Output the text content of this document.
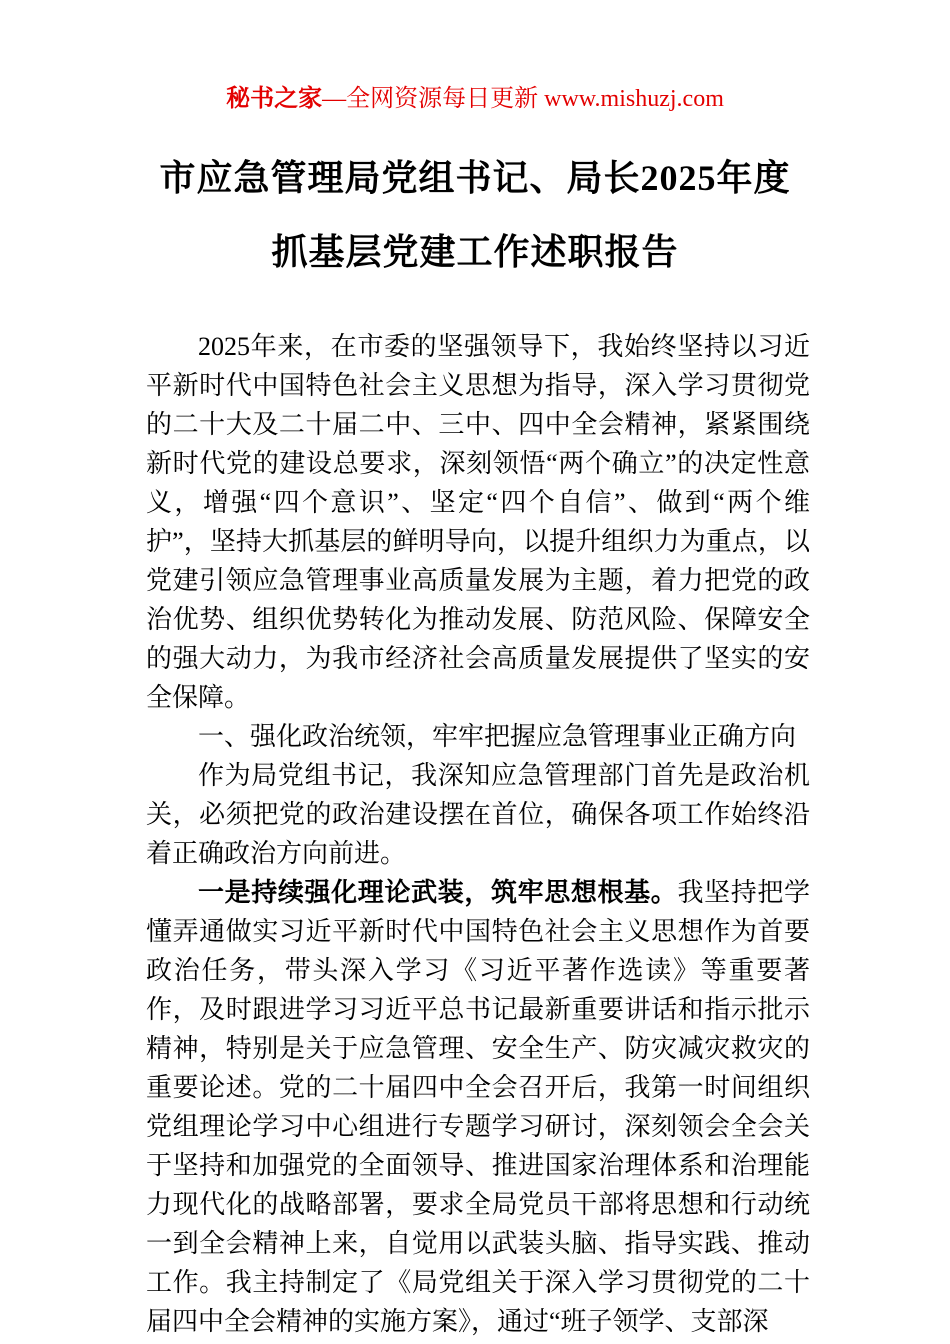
秘书之家—全网资源每日更新 www.mishuzj.com
市应急管理局党组书记、局长2025年度抓基层党建工作述职报告

2025年来，在市委的坚强领导下，我始终坚持以习近平新时代中国特色社会主义思想为指导，深入学习贯彻党的二十大及二十届二中、三中、四中全会精神，紧紧围绕新时代党的建设总要求，深刻领悟“两个确立”的决定性意义，增强“四个意识”、坚定“四个自信”、做到“两个维护”，坚持大抓基层的鲜明导向，以提升组织力为重点，以党建引领应急管理事业高质量发展为主题，着力把党的政治优势、组织优势转化为推动发展、防范风险、保障安全的强大动力，为我市经济社会高质量发展提供了坚实的安全保障。

一、强化政治统领，牢牢把握应急管理事业正确方向

作为局党组书记，我深知应急管理部门首先是政治机关，必须把党的政治建设摆在首位，确保各项工作始终沿着正确政治方向前进。

一是持续强化理论武装，筑牢思想根基。我坚持把学懂弄通做实习近平新时代中国特色社会主义思想作为首要政治任务，带头深入学习《习近平著作选读》等重要著作，及时跟进学习习近平总书记最新重要讲话和指示批示精神，特别是关于应急管理、安全生产、防灾减灾救灾的重要论述。党的二十届四中全会召开后，我第一时间组织党组理论学习中心组进行专题学习研讨，深刻领会全会关于坚持和加强党的全面领导、推进国家治理体系和治理能力现代化的战略部署，要求全局党员干部将思想和行动统一到全会精神上来，自觉用以武装头脑、指导实践、推动工作。我主持制定了《局党组关于深入学习贯彻党的二十届四中全会精神的实施方案》，通过“班子领学、支部深
